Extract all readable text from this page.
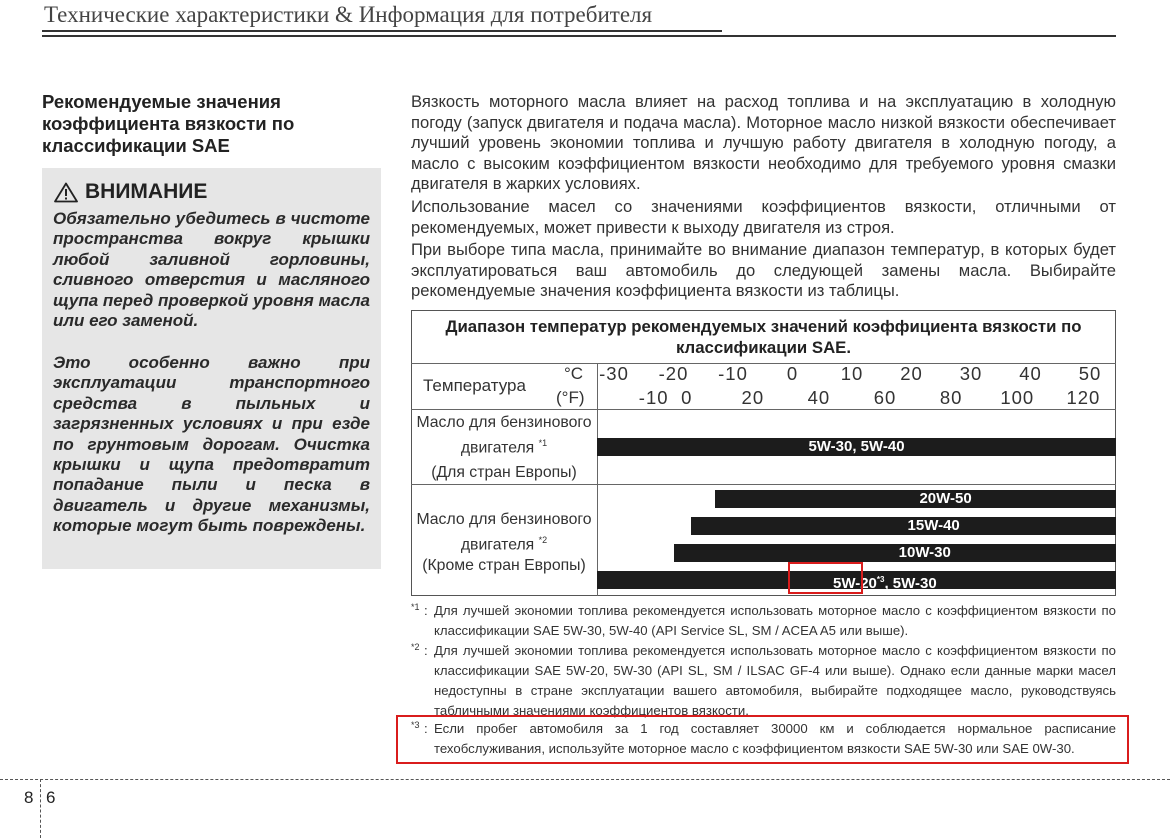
Технические характеристики & Информация для потребителя
Рекомендуемые значения коэффициента вязкости по классификации SAE
ВНИМАНИЕ
Обязательно убедитесь в чистоте пространства вокруг крышки любой заливной горловины, сливного отверстия и масляного щупа перед проверкой уровня масла или его заменой.
Это особенно важно при эксплуатации транспортного средства в пыльных и загрязненных условиях и при езде по грунтовым дорогам. Очистка крышки и щупа предотвратит попадание пыли и песка в двигатель и другие механизмы, которые могут быть повреждены.
Вязкость моторного масла влияет на расход топлива и на эксплуатацию в холодную погоду (запуск двигателя и подача масла). Моторное масло низкой вязкости обеспечивает лучший уровень экономии топлива и лучшую работу двигателя в холодную погоду, а масло с высоким коэффициентом вязкости необходимо для требуемого уровня смазки двигателя в жарких условиях.
Использование масел со значениями коэффициентов вязкости, отличными от рекомендуемых, может привести к выходу двигателя из строя.
При выборе типа масла, принимайте во внимание диапазон температур, в которых будет эксплуатироваться ваш автомобиль до следующей замены масла. Выбирайте рекомендуемые значения коэффициента вязкости из таблицы.
Диапазон температур рекомендуемых значений коэффициента вязкости по классификации SAE.
Температура
°C
(°F)
-30 -20 -10 0 10 20 30 40 50
-10 0	20 40 60 80 100 120
Масло для бензинового
двигателя $^{*1}$
(Для стран Европы)
Масло для бензинового
двигателя $^{*2}$
(Кроме стран Европы)
5W-30, 5W-40
20W-50
15W-40
10W-30
5W-20$^{*3}$, 5W-30
*1 : Для лучшей экономии топлива рекомендуется использовать моторное масло с коэффициентом вязкости по классификации SAE 5W-30, 5W-40 (API Service SL, SM / ACEA A5 или выше).
*2 : Для лучшей экономии топлива рекомендуется использовать моторное масло с коэффициентом вязкости по классификации SAE 5W-20, 5W-30 (API SL, SM / ILSAC GF-4 или выше). Однако если данные марки масел недоступны в стране эксплуатации вашего автомобиля, выбирайте подходящее масло, руководствуясь табличными значениями коэффициентов вязкости.
*3 : Если пробег автомобиля за 1 год составляет 30000 км и соблюдается нормальное расписание техобслуживания, используйте моторное масло с коэффициентом вязкости SAE 5W-30 или SAE 0W-30.
8 6
